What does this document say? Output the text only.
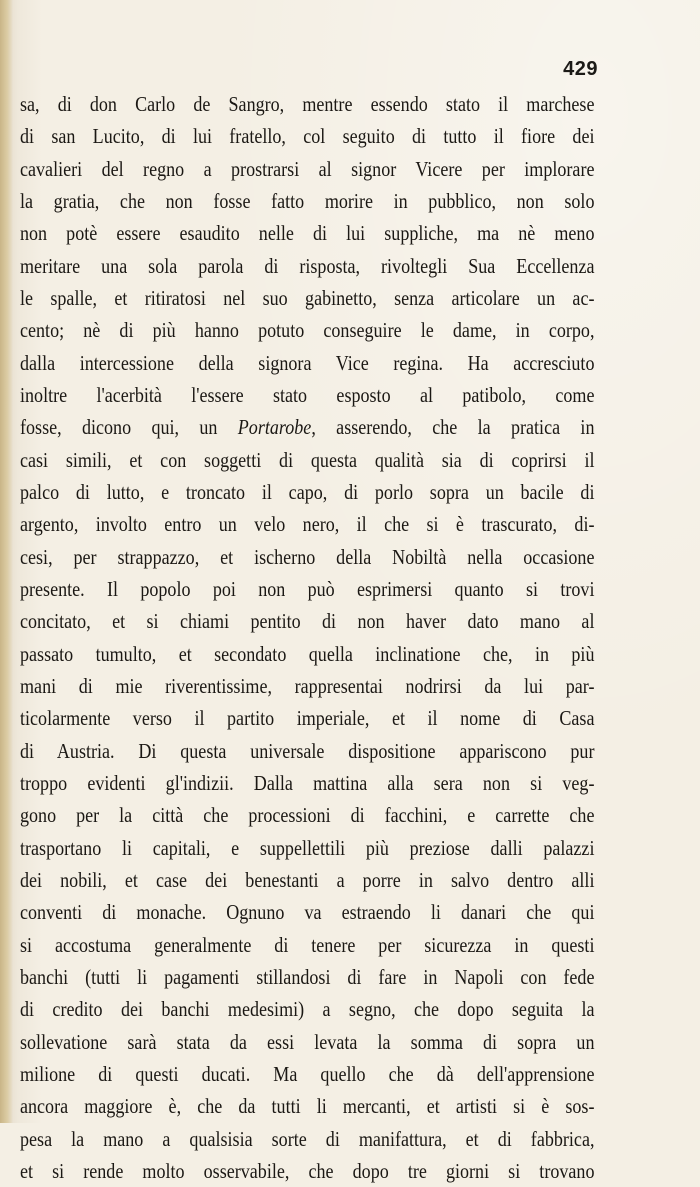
429
sa, di don Carlo de Sangro, mentre essendo stato il marchese
di san Lucito, di lui fratello, col seguito di tutto il fiore dei
cavalieri del regno a prostrarsi al signor Vicere per implorare
la gratia, che non fosse fatto morire in pubblico, non solo
non potè essere esaudito nelle di lui suppliche, ma nè meno
meritare una sola parola di risposta, rivoltegli Sua Eccellenza
le spalle, et ritiratosi nel suo gabinetto, senza articolare un ac-
cento; nè di più hanno potuto conseguire le dame, in corpo,
dalla intercessione della signora Vice regina. Ha accresciuto
inoltre l'acerbità l'essere stato esposto al patibolo, come
fosse, dicono qui, un Portarobe, asserendo, che la pratica in
casi simili, et con soggetti di questa qualità sia di coprirsi il
palco di lutto, e troncato il capo, di porlo sopra un bacile di
argento, involto entro un velo nero, il che si è trascurato, di-
cesi, per strappazzo, et ischerno della Nobiltà nella occasione
presente. Il popolo poi non può esprimersi quanto si trovi
concitato, et si chiami pentito di non haver dato mano al
passato tumulto, et secondato quella inclinatione che, in più
mani di mie riverentissime, rappresentai nodrirsi da lui par-
ticolarmente verso il partito imperiale, et il nome di Casa
di Austria. Di questa universale dispositione appariscono pur
troppo evidenti gl'indizii. Dalla mattina alla sera non si veg-
gono per la città che processioni di facchini, e carrette che
trasportano li capitali, e suppellettili più preziose dalli palazzi
dei nobili, et case dei benestanti a porre in salvo dentro alli
conventi di monache. Ognuno va estraendo li danari che qui
si accostuma generalmente di tenere per sicurezza in questi
banchi (tutti li pagamenti stillandosi di fare in Napoli con fede
di credito dei banchi medesimi) a segno, che dopo seguita la
sollevatione sarà stata da essi levata la somma di sopra un
milione di questi ducati. Ma quello che dà dell'apprensione
ancora maggiore è, che da tutti li mercanti, et artisti si è sos-
pesa la mano a qualsisia sorte di manifattura, et di fabbrica,
et si rende molto osservabile, che dopo tre giorni si trovano
